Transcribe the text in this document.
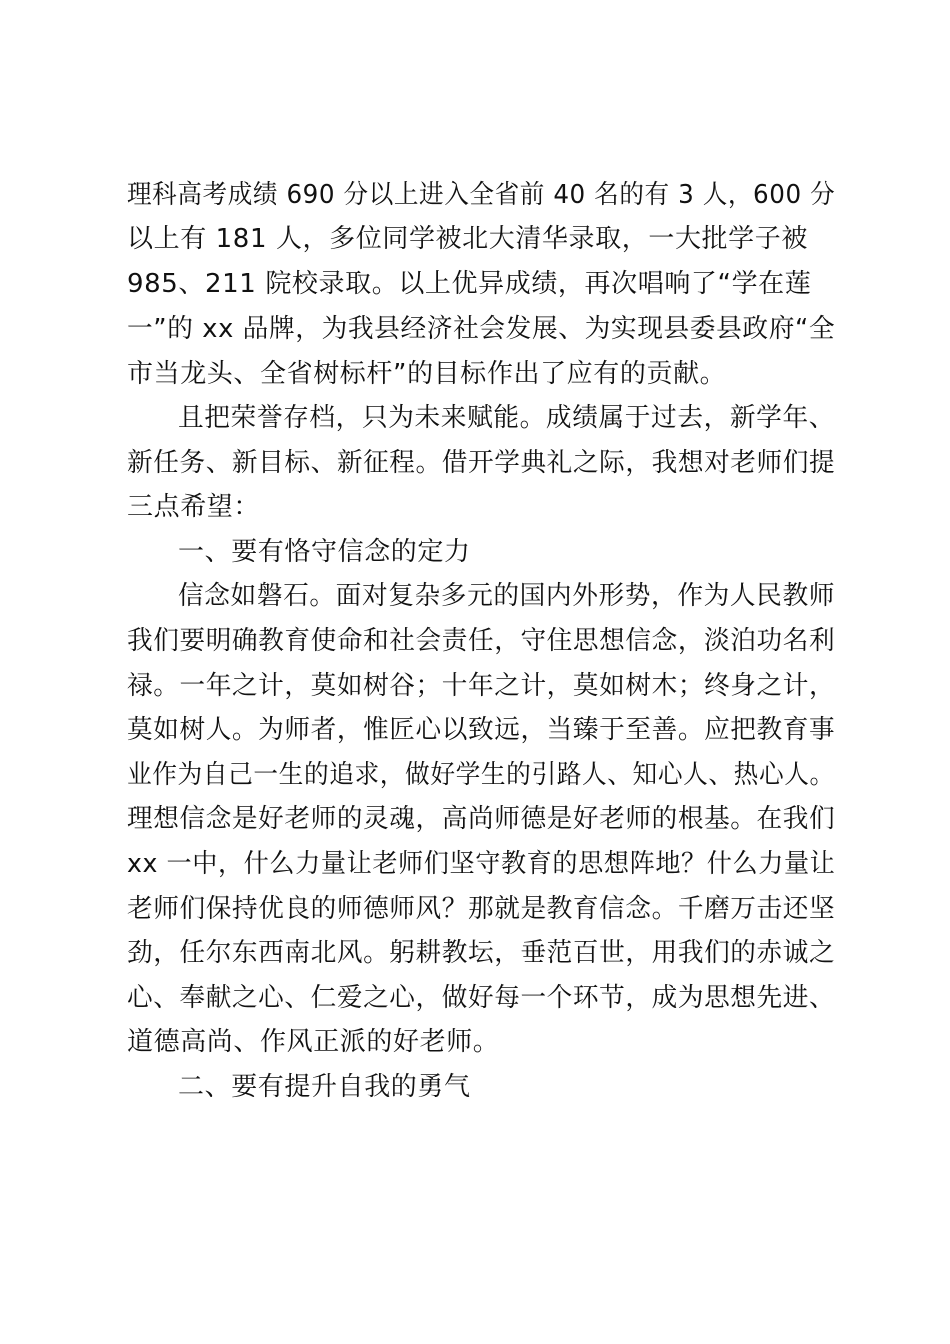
理科高考成绩 690 分以上进入全省前 40 名的有 3 人，600 分
以上有 181 人，多位同学被北大清华录取，一大批学子被
985、211 院校录取。以上优异成绩，再次唱响了“学在莲
一”的 xx 品牌，为我县经济社会发展、为实现县委县政府“全
市当龙头、全省树标杆”的目标作出了应有的贡献。
且把荣誉存档，只为未来赋能。成绩属于过去，新学年、
新任务、新目标、新征程。借开学典礼之际，我想对老师们提
三点希望：
一、要有恪守信念的定力
信念如磐石。面对复杂多元的国内外形势，作为人民教师
我们要明确教育使命和社会责任，守住思想信念，淡泊功名利
禄。一年之计，莫如树谷；十年之计，莫如树木；终身之计，
莫如树人。为师者，惟匠心以致远，当臻于至善。应把教育事
业作为自己一生的追求，做好学生的引路人、知心人、热心人。
理想信念是好老师的灵魂，高尚师德是好老师的根基。在我们
xx 一中，什么力量让老师们坚守教育的思想阵地？什么力量让
老师们保持优良的师德师风？那就是教育信念。千磨万击还坚
劲，任尔东西南北风。躬耕教坛，垂范百世，用我们的赤诚之
心、奉献之心、仁爱之心，做好每一个环节，成为思想先进、
道德高尚、作风正派的好老师。
二、要有提升自我的勇气
